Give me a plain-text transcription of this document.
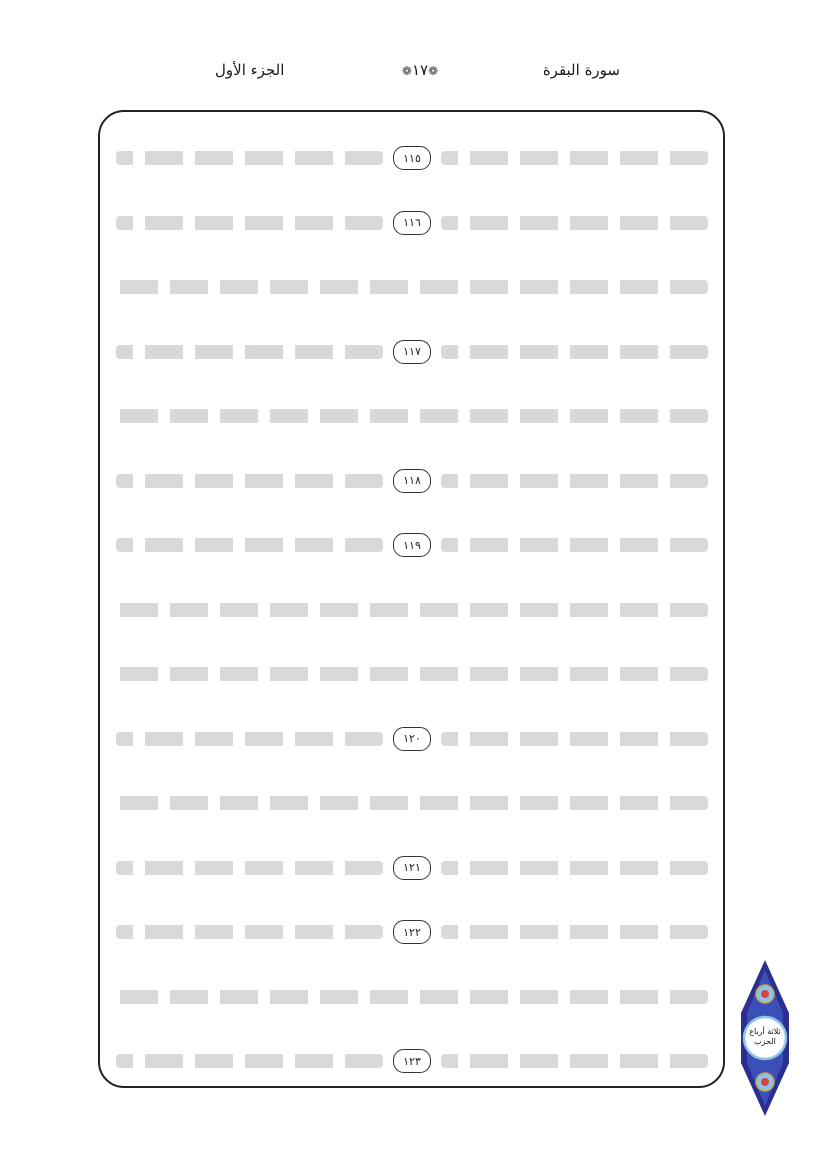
الجزء الأول	❁١٧❁	سورة البقرة
١١٥
١١٦
١١٧
١١٨
١١٩
١٢٠
١٢١
١٢٢
١٢٣
ثلاثة أرباع الحزب
